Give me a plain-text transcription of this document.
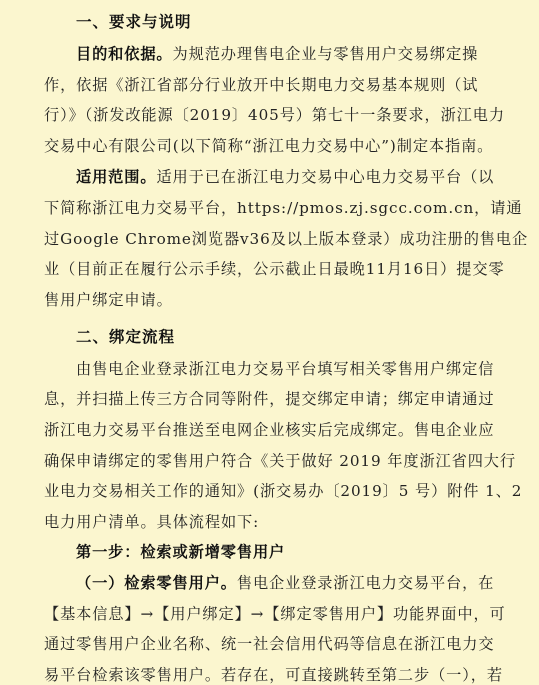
一、要求与说明
目的和依据。为规范办理售电企业与零售用户交易绑定操
作，依据《浙江省部分行业放开中长期电力交易基本规则（试
行）》（浙发改能源〔2019〕405号）第七十一条要求，浙江电力
交易中心有限公司(以下简称“浙江电力交易中心”)制定本指南。
适用范围。适用于已在浙江电力交易中心电力交易平台（以
下简称浙江电力交易平台，https://pmos.zj.sgcc.com.cn，请通
过Google Chrome浏览器v36及以上版本登录）成功注册的售电企
业（目前正在履行公示手续，公示截止日最晚11月16日）提交零
售用户绑定申请。
二、绑定流程
由售电企业登录浙江电力交易平台填写相关零售用户绑定信
息，并扫描上传三方合同等附件，提交绑定申请；绑定申请通过
浙江电力交易平台推送至电网企业核实后完成绑定。售电企业应
确保申请绑定的零售用户符合《关于做好 2019 年度浙江省四大行
业电力交易相关工作的通知》(浙交易办〔2019〕5 号）附件 1、2
电力用户清单。具体流程如下:
第一步：检索或新增零售用户
（一）检索零售用户。售电企业登录浙江电力交易平台，在
【基本信息】→【用户绑定】→【绑定零售用户】功能界面中，可
通过零售用户企业名称、统一社会信用代码等信息在浙江电力交
易平台检索该零售用户。若存在，可直接跳转至第二步（一），若
